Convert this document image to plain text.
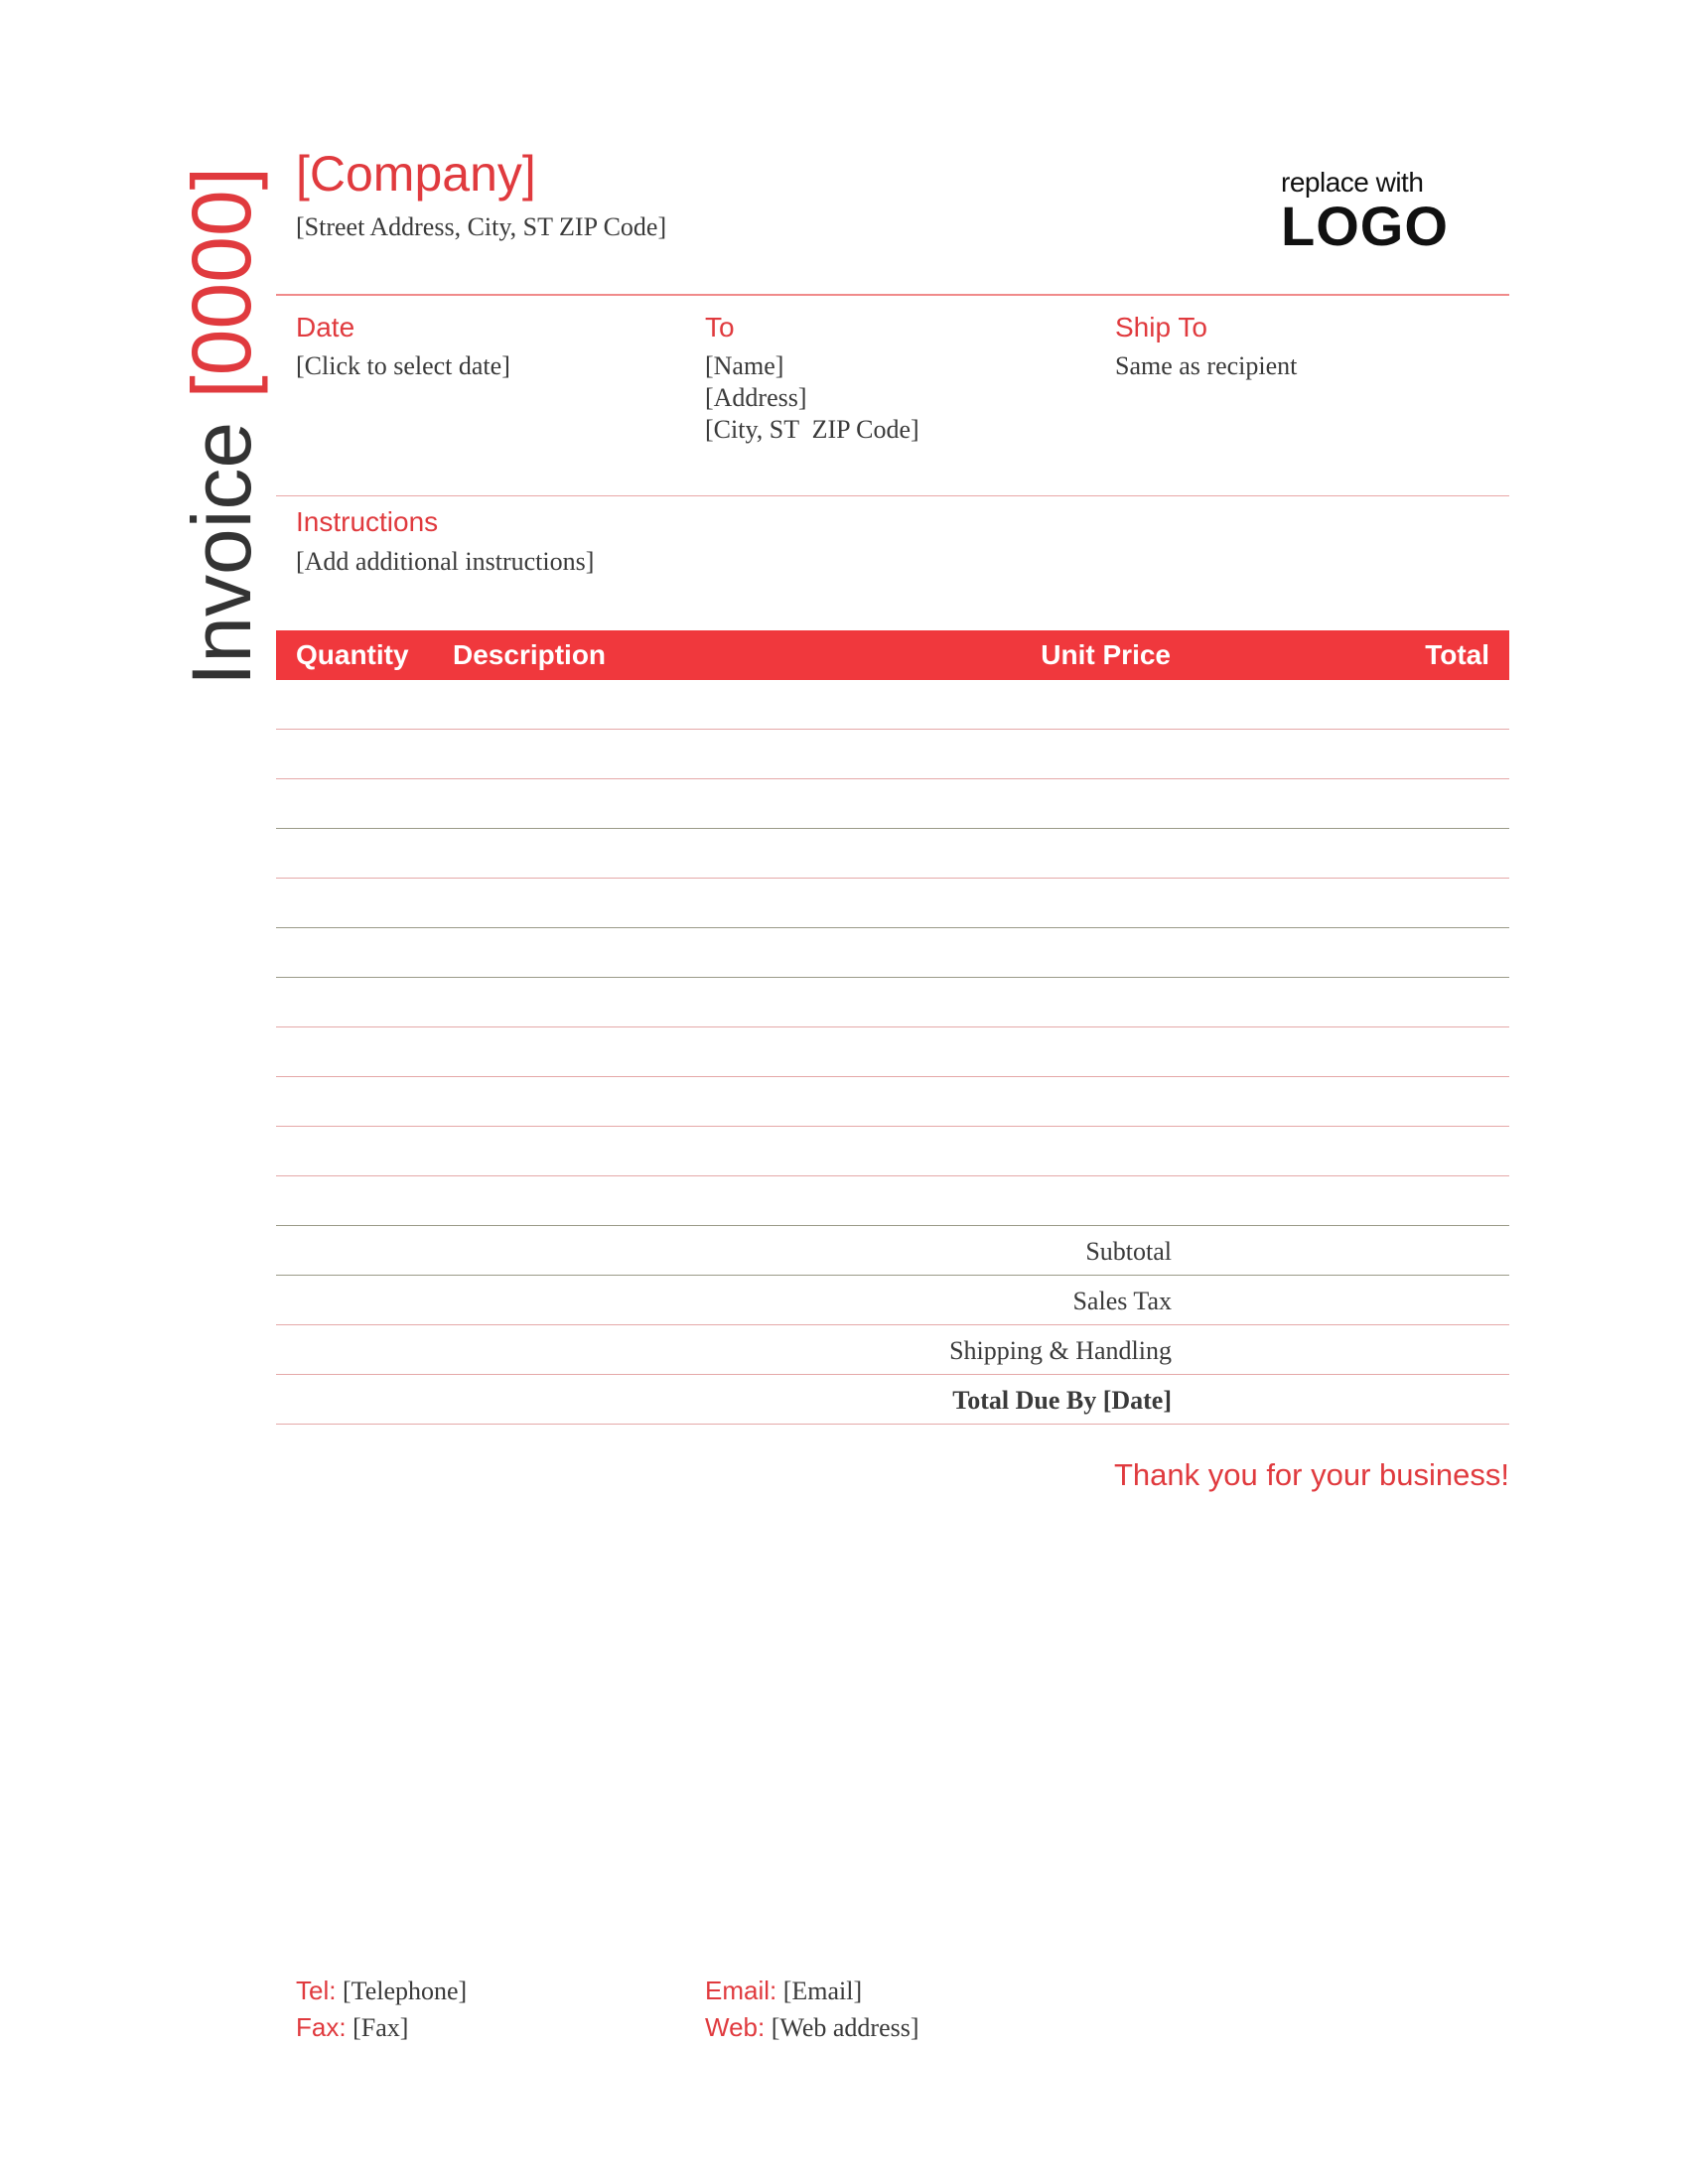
Invoice [0000] [Company]
[Street Address, City, ST ZIP Code]
replace with
LOGO
Date
[Click to select date]
To
[Name]
[Address]
[City, ST  ZIP Code]
Ship To
Same as recipient
Instructions
[Add additional instructions]
Quantity Description	Unit Price	Total
Subtotal
Sales Tax
Shipping & Handling
Total Due By [Date]
Thank you for your business!
Tel: [Telephone]
Fax: [Fax]
Email: [Email]
Web: [Web address]
